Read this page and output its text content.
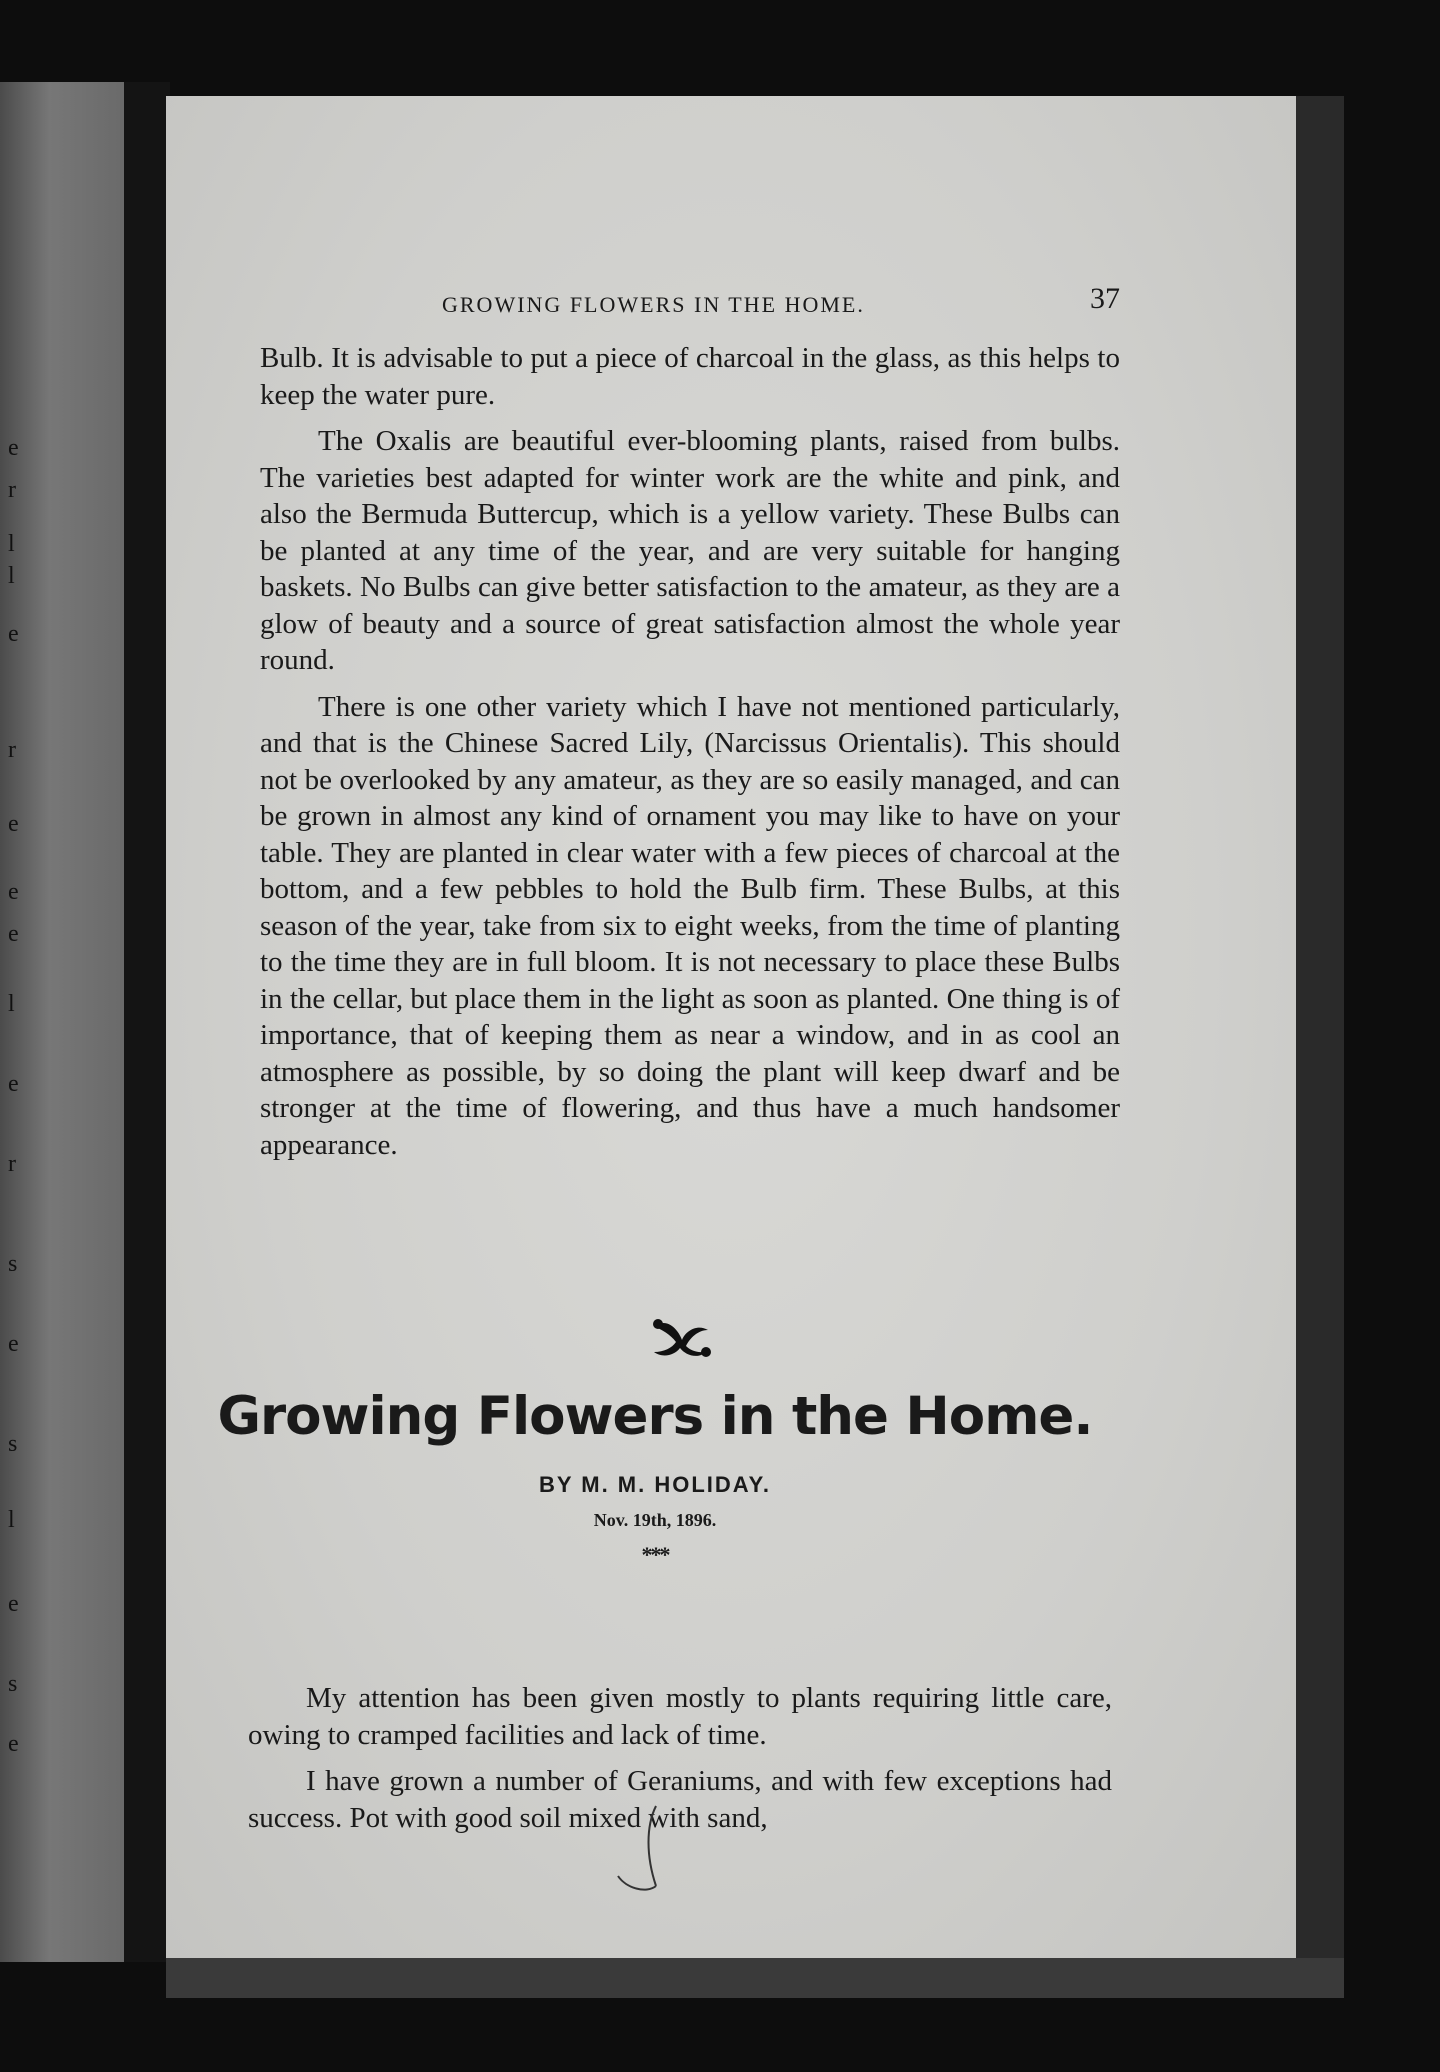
e
r
l
l
e
r
e
e
e
l
e
r
s
e
s
l
e
s
e
GROWING FLOWERS IN THE HOME.	37

Bulb. It is advisable to put a piece of charcoal in the glass, as this helps to keep the water pure.

The Oxalis are beautiful ever-blooming plants, raised from bulbs. The varieties best adapted for winter work are the white and pink, and also the Bermuda Buttercup, which is a yellow variety. These Bulbs can be planted at any time of the year, and are very suitable for hanging baskets. No Bulbs can give better satisfaction to the amateur, as they are a glow of beauty and a source of great satisfaction almost the whole year round.

There is one other variety which I have not mentioned particularly, and that is the Chinese Sacred Lily, (Narcissus Orientalis). This should not be overlooked by any amateur, as they are so easily managed, and can be grown in almost any kind of ornament you may like to have on your table. They are planted in clear water with a few pieces of charcoal at the bottom, and a few pebbles to hold the Bulb firm. These Bulbs, at this season of the year, take from six to eight weeks, from the time of planting to the time they are in full bloom. It is not necessary to place these Bulbs in the cellar, but place them in the light as soon as planted. One thing is of importance, that of keeping them as near a window, and in as cool an atmosphere as possible, by so doing the plant will keep dwarf and be stronger at the time of flowering, and thus have a much handsomer appearance.

Growing Flowers in the Home.
BY M. M. HOLIDAY.
Nov. 19th, 1896.
***

My attention has been given mostly to plants requiring little care, owing to cramped facilities and lack of time.

I have grown a number of Geraniums, and with few exceptions had success. Pot with good soil mixed with sand,
